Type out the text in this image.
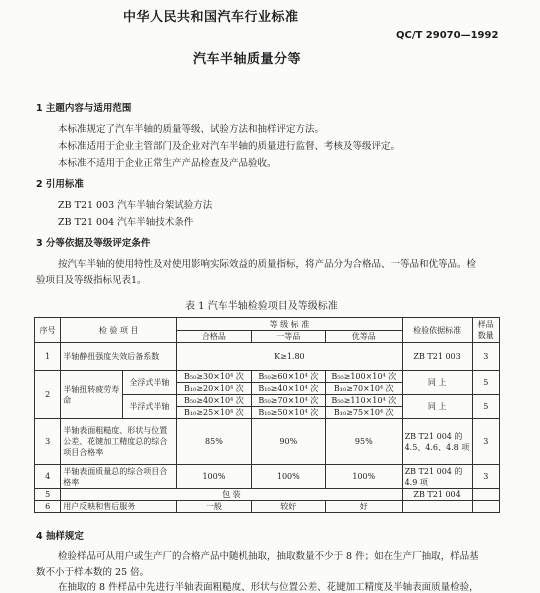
中华人民共和国汽车行业标准
QC/T 29070—1992
汽车半轴质量分等
1 主题内容与适用范围
本标准规定了汽车半轴的质量等级、试验方法和抽样评定方法。
本标准适用于企业主管部门及企业对汽车半轴的质量进行监督、考核及等级评定。
本标准不适用于企业正常生产产品检查及产品验收。
2 引用标准
ZB T21 003 汽车半轴台架试验方法
ZB T21 004 汽车半轴技术条件
3 分等依据及等级评定条件
按汽车半轴的使用特性及对使用影响实际效益的质量指标，将产品分为合格品、一等品和优等品。检
验项目及等级指标见表1。
表 1 汽车半轴检验项目及等级标准
序号	检 验 项 目		等 级 标 准			检验依据标准	样品数量
			合格品	一等品	优等品		
1	半轴静扭强度失效后备系数		K≥1.80			ZB T21 003	3
2	半轴扭转疲劳寿命	全浮式半轴	B₅₀≥30×10⁴ 次	B₅₀≥60×10⁴ 次	B₅₀≥100×10⁴ 次	同 上	5
			B₁₀≥20×10⁴ 次	B₁₀≥40×10⁴ 次	B₁₀≥70×10⁴ 次		
		半浮式半轴	B₅₀≥40×10⁴ 次	B₅₀≥70×10⁴ 次	B₅₀≥110×10⁴ 次	同 上	5
			B₁₀≥25×10⁴ 次	B₁₀≥50×10⁴ 次	B₁₀≥75×10⁴ 次		
3	半轴表面粗糙度、形状与位置公差、花键加工精度总的综合项目合格率		85%	90%	95%	ZB T21 004 的 4.5、4.6、4.8 项	3
4	半轴表面质量总的综合项目合格率		100%	100%	100%	ZB T21 004 的 4.9 项	3
5	包 装					ZB T21 004	
6	用户反映和售后服务		一般	较好	好		
4 抽样规定
检验样品可从用户或生产厂的合格产品中随机抽取，抽取数量不少于 8 件；如在生产厂抽取，样品基
数不小于样本数的 25 倍。
在抽取的 8 件样品中先进行半轴表面粗糙度、形状与位置公差、花键加工精度及半轴表面质量检验，
